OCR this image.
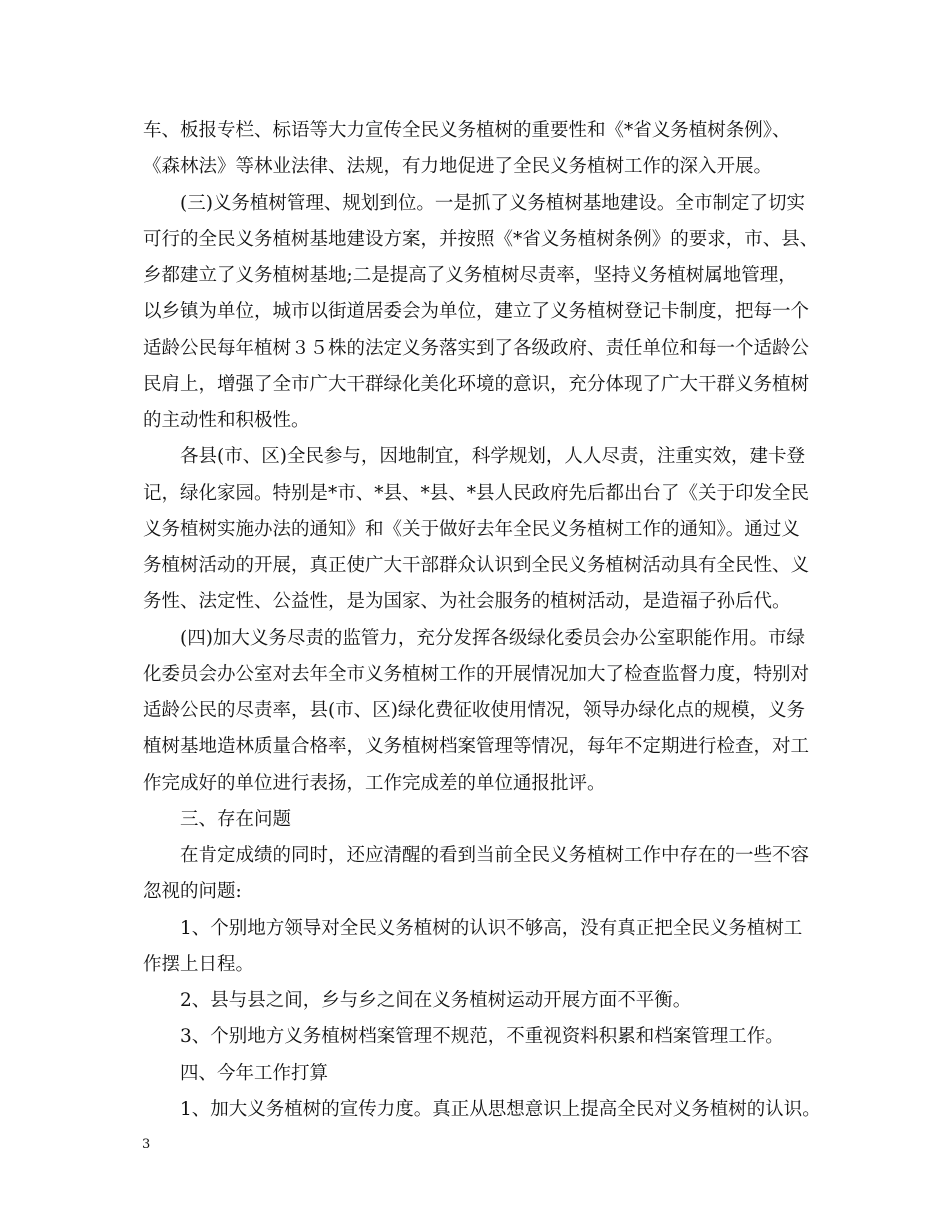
车、板报专栏、标语等大力宣传全民义务植树的重要性和《*省义务植树条例》、
《森林法》等林业法律、法规，有力地促进了全民义务植树工作的深入开展。
(三)义务植树管理、规划到位。一是抓了义务植树基地建设。全市制定了切实
可行的全民义务植树基地建设方案，并按照《*省义务植树条例》的要求，市、县、
乡都建立了义务植树基地;二是提高了义务植树尽责率，坚持义务植树属地管理，
以乡镇为单位，城市以街道居委会为单位，建立了义务植树登记卡制度，把每一个
适龄公民每年植树３５株的法定义务落实到了各级政府、责任单位和每一个适龄公
民肩上，增强了全市广大干群绿化美化环境的意识，充分体现了广大干群义务植树
的主动性和积极性。
各县(市、区)全民参与，因地制宜，科学规划，人人尽责，注重实效，建卡登
记，绿化家园。特别是*市、*县、*县、*县人民政府先后都出台了《关于印发全民
义务植树实施办法的通知》和《关于做好去年全民义务植树工作的通知》。通过义
务植树活动的开展，真正使广大干部群众认识到全民义务植树活动具有全民性、义
务性、法定性、公益性，是为国家、为社会服务的植树活动，是造福子孙后代。
(四)加大义务尽责的监管力，充分发挥各级绿化委员会办公室职能作用。市绿
化委员会办公室对去年全市义务植树工作的开展情况加大了检查监督力度，特别对
适龄公民的尽责率，县(市、区)绿化费征收使用情况，领导办绿化点的规模，义务
植树基地造林质量合格率，义务植树档案管理等情况，每年不定期进行检查，对工
作完成好的单位进行表扬，工作完成差的单位通报批评。
三、存在问题
在肯定成绩的同时，还应清醒的看到当前全民义务植树工作中存在的一些不容
忽视的问题:
1、个别地方领导对全民义务植树的认识不够高，没有真正把全民义务植树工
作摆上日程。
2、县与县之间，乡与乡之间在义务植树运动开展方面不平衡。
3、个别地方义务植树档案管理不规范，不重视资料积累和档案管理工作。
四、今年工作打算
1、加大义务植树的宣传力度。真正从思想意识上提高全民对义务植树的认识。
3
